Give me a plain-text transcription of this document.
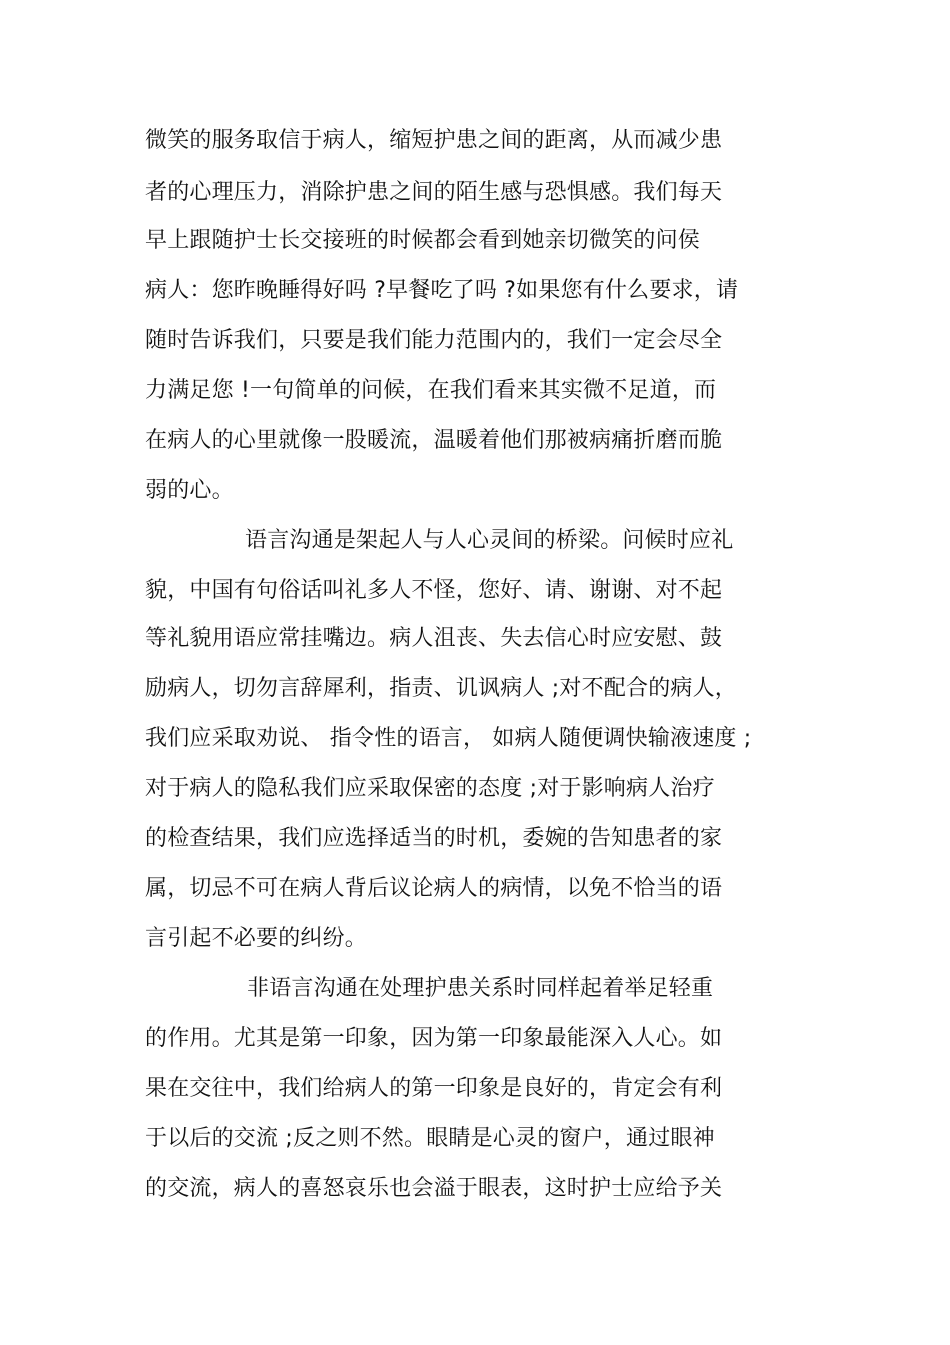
微笑的服务取信于病人，缩短护患之间的距离，从而减少患
者的心理压力，消除护患之间的陌生感与恐惧感。我们每天
早上跟随护士长交接班的时候都会看到她亲切微笑的问侯
病人：您昨晚睡得好吗 ?早餐吃了吗 ?如果您有什么要求，请
随时告诉我们，只要是我们能力范围内的，我们一定会尽全
力满足您 !一句简单的问候，在我们看来其实微不足道，而
在病人的心里就像一股暖流，温暖着他们那被病痛折磨而脆
弱的心。
语言沟通是架起人与人心灵间的桥梁。问候时应礼
貌，中国有句俗话叫礼多人不怪，您好、请、谢谢、对不起
等礼貌用语应常挂嘴边。病人沮丧、失去信心时应安慰、鼓
励病人，切勿言辞犀利，指责、讥讽病人 ;对不配合的病人，
我们应采取劝说、 指令性的语言， 如病人随便调快输液速度 ;
对于病人的隐私我们应采取保密的态度 ;对于影响病人治疗
的检查结果，我们应选择适当的时机，委婉的告知患者的家
属，切忌不可在病人背后议论病人的病情，以免不恰当的语
言引起不必要的纠纷。
非语言沟通在处理护患关系时同样起着举足轻重
的作用。尤其是第一印象，因为第一印象最能深入人心。如
果在交往中，我们给病人的第一印象是良好的，肯定会有利
于以后的交流 ;反之则不然。眼睛是心灵的窗户，通过眼神
的交流，病人的喜怒哀乐也会溢于眼表，这时护士应给予关
